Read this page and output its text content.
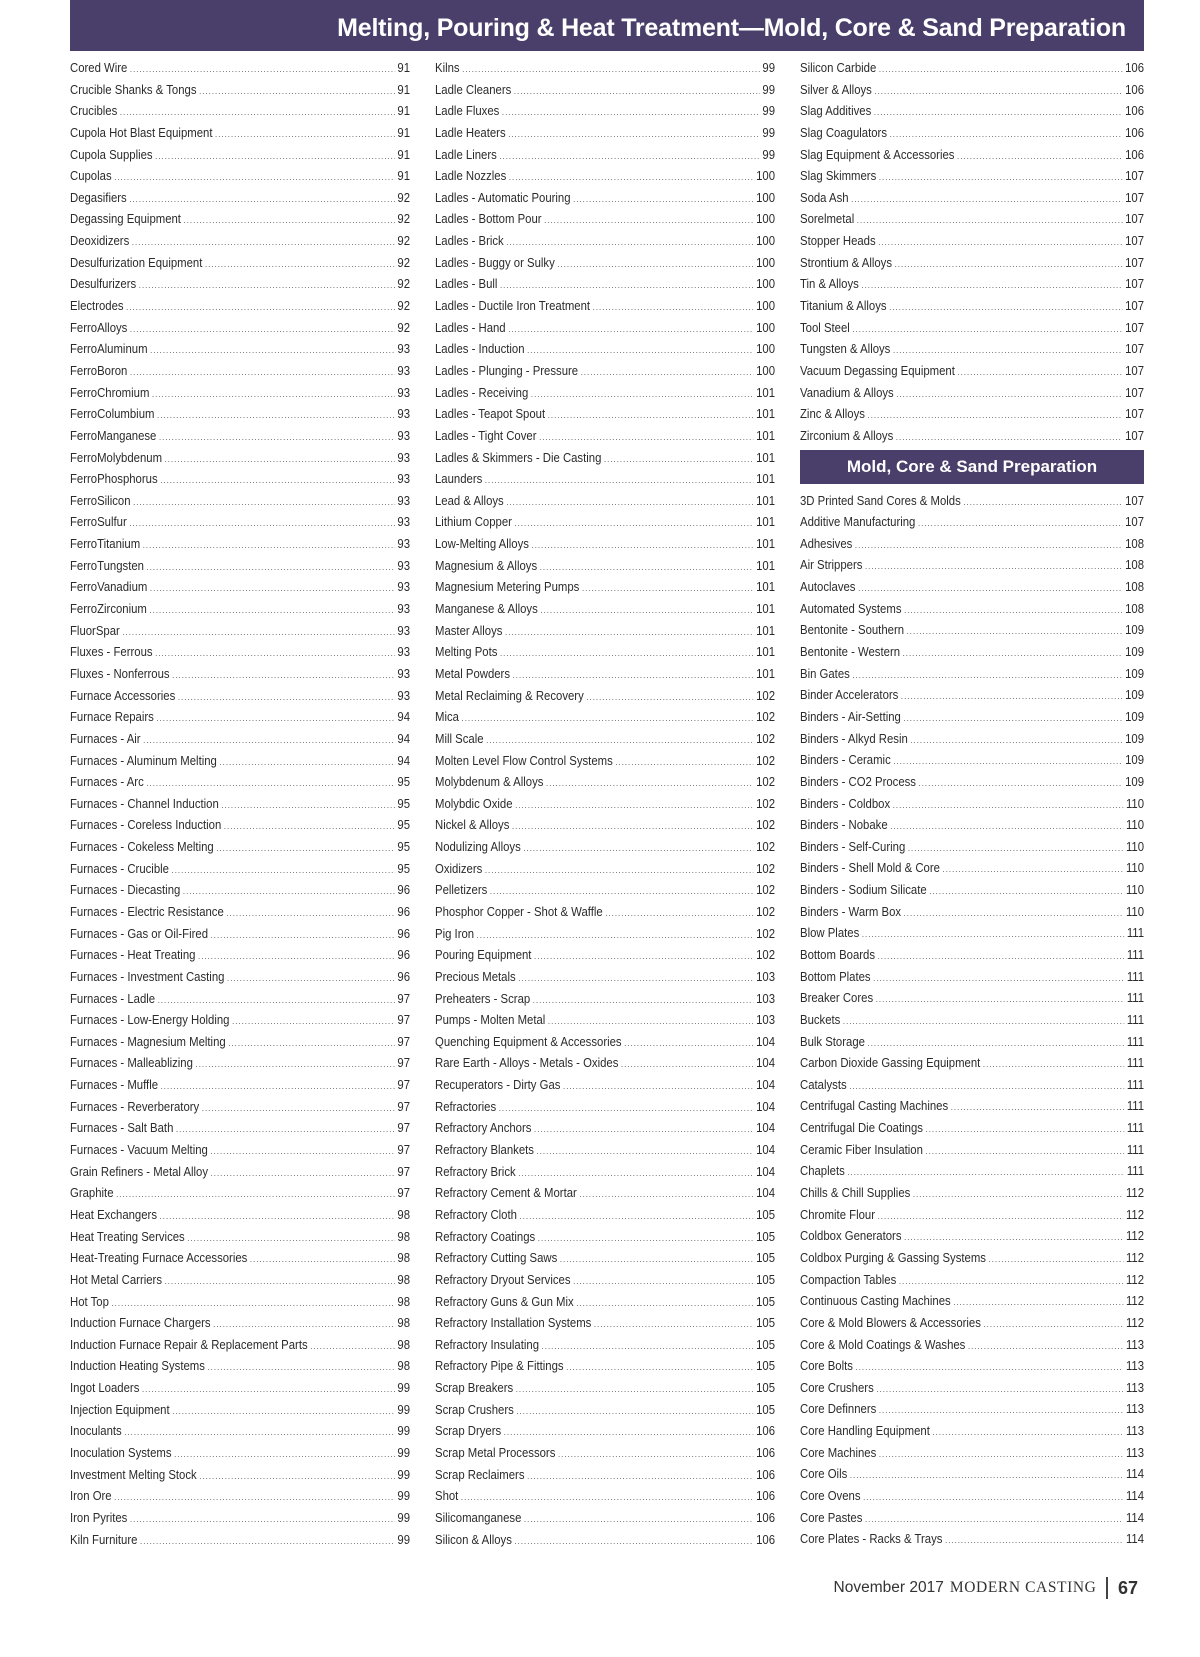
Melting, Pouring & Heat Treatment—Mold, Core & Sand Preparation
Cored Wire .....	91
Crucible Shanks & Tongs .....	91
Crucibles .....	91
Cupola Hot Blast Equipment .....	91
Cupola Supplies .....	91
Cupolas .....	91
Degasifiers .....	92
Degassing Equipment .....	92
Deoxidizers .....	92
Desulfurization Equipment .....	92
Desulfurizers .....	92
Electrodes .....	92
FerroAlloys .....	92
FerroAluminum .....	93
FerroBoron .....	93
FerroChromium .....	93
FerroColumbium .....	93
FerroManganese .....	93
FerroMolybdenum .....	93
FerroPhosphorus .....	93
FerroSilicon .....	93
FerroSulfur .....	93
FerroTitanium .....	93
FerroTungsten .....	93
FerroVanadium .....	93
FerroZirconium .....	93
FluorSpar .....	93
Fluxes - Ferrous .....	93
Fluxes - Nonferrous .....	93
Furnace Accessories .....	93
Furnace Repairs .....	94
Furnaces - Air .....	94
Furnaces - Aluminum Melting .....	94
Furnaces - Arc .....	95
Furnaces - Channel Induction .....	95
Furnaces - Coreless Induction .....	95
Furnaces - Cokeless Melting .....	95
Furnaces - Crucible .....	95
Furnaces - Diecasting .....	96
Furnaces - Electric Resistance .....	96
Furnaces - Gas or Oil-Fired .....	96
Furnaces - Heat Treating .....	96
Furnaces - Investment Casting .....	96
Furnaces - Ladle .....	97
Furnaces - Low-Energy Holding .....	97
Furnaces - Magnesium Melting .....	97
Furnaces - Malleablizing .....	97
Furnaces - Muffle .....	97
Furnaces - Reverberatory .....	97
Furnaces - Salt Bath .....	97
Furnaces - Vacuum Melting .....	97
Grain Refiners - Metal Alloy .....	97
Graphite .....	97
Heat Exchangers .....	98
Heat Treating Services .....	98
Heat-Treating Furnace Accessories .....	98
Hot Metal Carriers .....	98
Hot Top .....	98
Induction Furnace Chargers .....	98
Induction Furnace Repair & Replacement Parts .....	98
Induction Heating Systems .....	98
Ingot Loaders .....	99
Injection Equipment .....	99
Inoculants .....	99
Inoculation Systems .....	99
Investment Melting Stock .....	99
Iron Ore .....	99
Iron Pyrites .....	99
Kiln Furniture .....	99
Kilns .....	99
Ladle Cleaners .....	99
Ladle Fluxes .....	99
Ladle Heaters .....	99
Ladle Liners .....	99
Ladle Nozzles .....	100
Ladles - Automatic Pouring .....	100
Ladles - Bottom Pour .....	100
Ladles - Brick .....	100
Ladles - Buggy or Sulky .....	100
Ladles - Bull .....	100
Ladles - Ductile Iron Treatment .....	100
Ladles - Hand .....	100
Ladles - Induction .....	100
Ladles - Plunging - Pressure .....	100
Ladles - Receiving .....	101
Ladles - Teapot Spout .....	101
Ladles - Tight Cover .....	101
Ladles & Skimmers - Die Casting .....	101
Launders .....	101
Lead & Alloys .....	101
Lithium Copper .....	101
Low-Melting Alloys .....	101
Magnesium & Alloys .....	101
Magnesium Metering Pumps .....	101
Manganese & Alloys .....	101
Master Alloys .....	101
Melting Pots .....	101
Metal Powders .....	101
Metal Reclaiming & Recovery .....	102
Mica .....	102
Mill Scale .....	102
Molten Level Flow Control Systems .....	102
Molybdenum & Alloys .....	102
Molybdic Oxide .....	102
Nickel & Alloys .....	102
Nodulizing Alloys .....	102
Oxidizers .....	102
Pelletizers .....	102
Phosphor Copper - Shot & Waffle .....	102
Pig Iron .....	102
Pouring Equipment .....	102
Precious Metals .....	103
Preheaters - Scrap .....	103
Pumps - Molten Metal .....	103
Quenching Equipment & Accessories .....	104
Rare Earth - Alloys - Metals - Oxides .....	104
Recuperators - Dirty Gas .....	104
Refractories .....	104
Refractory Anchors .....	104
Refractory Blankets .....	104
Refractory Brick .....	104
Refractory Cement & Mortar .....	104
Refractory Cloth .....	105
Refractory Coatings .....	105
Refractory Cutting Saws .....	105
Refractory Dryout Services .....	105
Refractory Guns & Gun Mix .....	105
Refractory Installation Systems .....	105
Refractory Insulating .....	105
Refractory Pipe & Fittings .....	105
Scrap Breakers .....	105
Scrap Crushers .....	105
Scrap Dryers .....	106
Scrap Metal Processors .....	106
Scrap Reclaimers .....	106
Shot .....	106
Silicomanganese .....	106
Silicon & Alloys .....	106
Silicon Carbide .....	106
Silver & Alloys .....	106
Slag Additives .....	106
Slag Coagulators .....	106
Slag Equipment & Accessories .....	106
Slag Skimmers .....	107
Soda Ash .....	107
Sorelmetal .....	107
Stopper Heads .....	107
Strontium & Alloys .....	107
Tin & Alloys .....	107
Titanium & Alloys .....	107
Tool Steel .....	107
Tungsten & Alloys .....	107
Vacuum Degassing Equipment .....	107
Vanadium & Alloys .....	107
Zinc & Alloys .....	107
Zirconium & Alloys .....	107
Mold, Core & Sand Preparation
3D Printed Sand Cores & Molds .....	107
Additive Manufacturing .....	107
Adhesives .....	108
Air Strippers .....	108
Autoclaves .....	108
Automated Systems .....	108
Bentonite - Southern .....	109
Bentonite - Western .....	109
Bin Gates .....	109
Binder Accelerators .....	109
Binders - Air-Setting .....	109
Binders - Alkyd Resin .....	109
Binders - Ceramic .....	109
Binders - CO2 Process .....	109
Binders - Coldbox .....	110
Binders - Nobake .....	110
Binders - Self-Curing .....	110
Binders - Shell Mold & Core .....	110
Binders - Sodium Silicate .....	110
Binders - Warm Box .....	110
Blow Plates .....	111
Bottom Boards .....	111
Bottom Plates .....	111
Breaker Cores .....	111
Buckets .....	111
Bulk Storage .....	111
Carbon Dioxide Gassing Equipment .....	111
Catalysts .....	111
Centrifugal Casting Machines .....	111
Centrifugal Die Coatings .....	111
Ceramic Fiber Insulation .....	111
Chaplets .....	111
Chills & Chill Supplies .....	112
Chromite Flour .....	112
Coldbox Generators .....	112
Coldbox Purging & Gassing Systems .....	112
Compaction Tables .....	112
Continuous Casting Machines .....	112
Core & Mold Blowers & Accessories .....	112
Core & Mold Coatings & Washes .....	113
Core Bolts .....	113
Core Crushers .....	113
Core Definners .....	113
Core Handling Equipment .....	113
Core Machines .....	113
Core Oils .....	114
Core Ovens .....	114
Core Pastes .....	114
Core Plates - Racks & Trays .....	114
November 2017 MODERN CASTING 67
